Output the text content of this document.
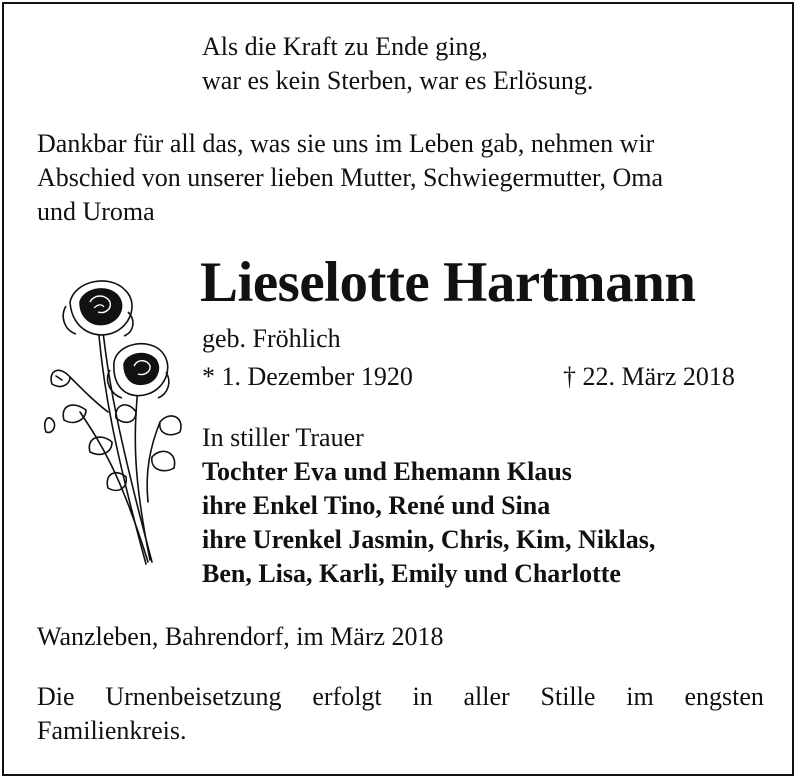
Als die Kraft zu Ende ging,

war es kein Sterben, war es Erlösung.

Dankbar für all das, was sie uns im Leben gab, nehmen wir

Abschied von unserer lieben Mutter, Schwiegermutter, Oma

und Uroma

Lieselotte Hartmann

geb. Fröhlich

* 1. Dezember 1920	† 22. März 2018

In stiller Trauer

Tochter Eva und Ehemann Klaus

ihre Enkel Tino, René und Sina

ihre Urenkel Jasmin, Chris, Kim, Niklas,

Ben, Lisa, Karli, Emily und Charlotte

Wanzleben, Bahrendorf, im März 2018

Die Urnenbeisetzung erfolgt in aller Stille im engsten
Familienkreis.
